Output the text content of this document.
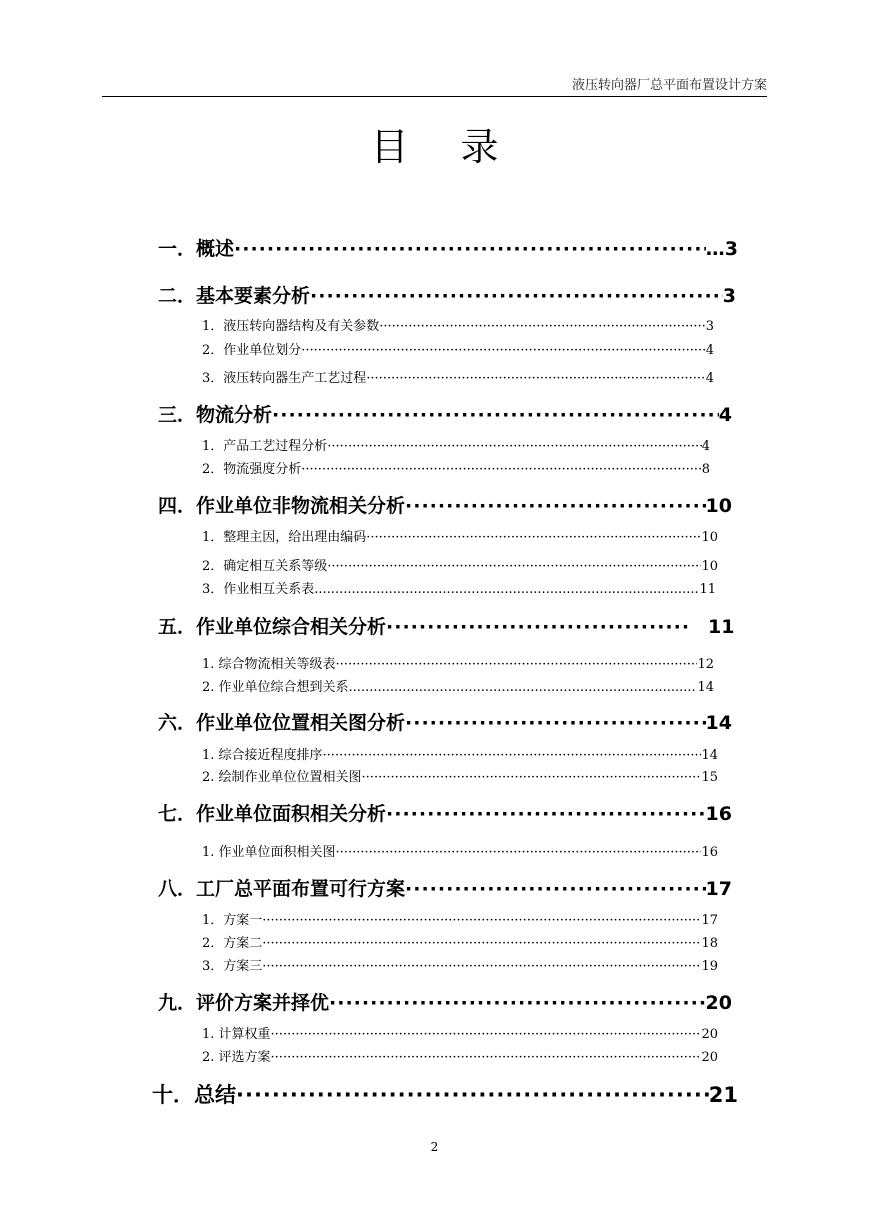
液压转向器厂总平面布置设计方案
目录
一．概述 ·····	…3
二．基本要素分析 ·····	3
1．液压转向器结构及有关参数 ·····	3
2．作业单位划分 ·····	4
3．液压转向器生产工艺过程 ·····	4
三．物流分析 ·····	4
1．产品工艺过程分析 ·····	4
2．物流强度分析 ·····	8
四．作业单位非物流相关分析 ·····	10
1．整理主因，给出理由编码 ·····	10
2．确定相互关系等级 ·····	10
3．作业相互关系表 .....	11
五．作业单位综合相关分析 ·····	11
1. 综合物流相关等级表 ·····	12
2. 作业单位综合想到关系 .....	14
六．作业单位位置相关图分析 ·····	14
1. 综合接近程度排序 ·····	14
2. 绘制作业单位位置相关图 ·····	15
七．作业单位面积相关分析 ·····	16
1. 作业单位面积相关图 ·····	16
八．工厂总平面布置可行方案 ·····	17
1．方案一 ·····	17
2．方案二 ·····	18
3．方案三 ·····	19
九．评价方案并择优 ·····	20
1. 计算权重 ·····	20
2. 评选方案 ·····	20
十．总结 ·····	21
2
